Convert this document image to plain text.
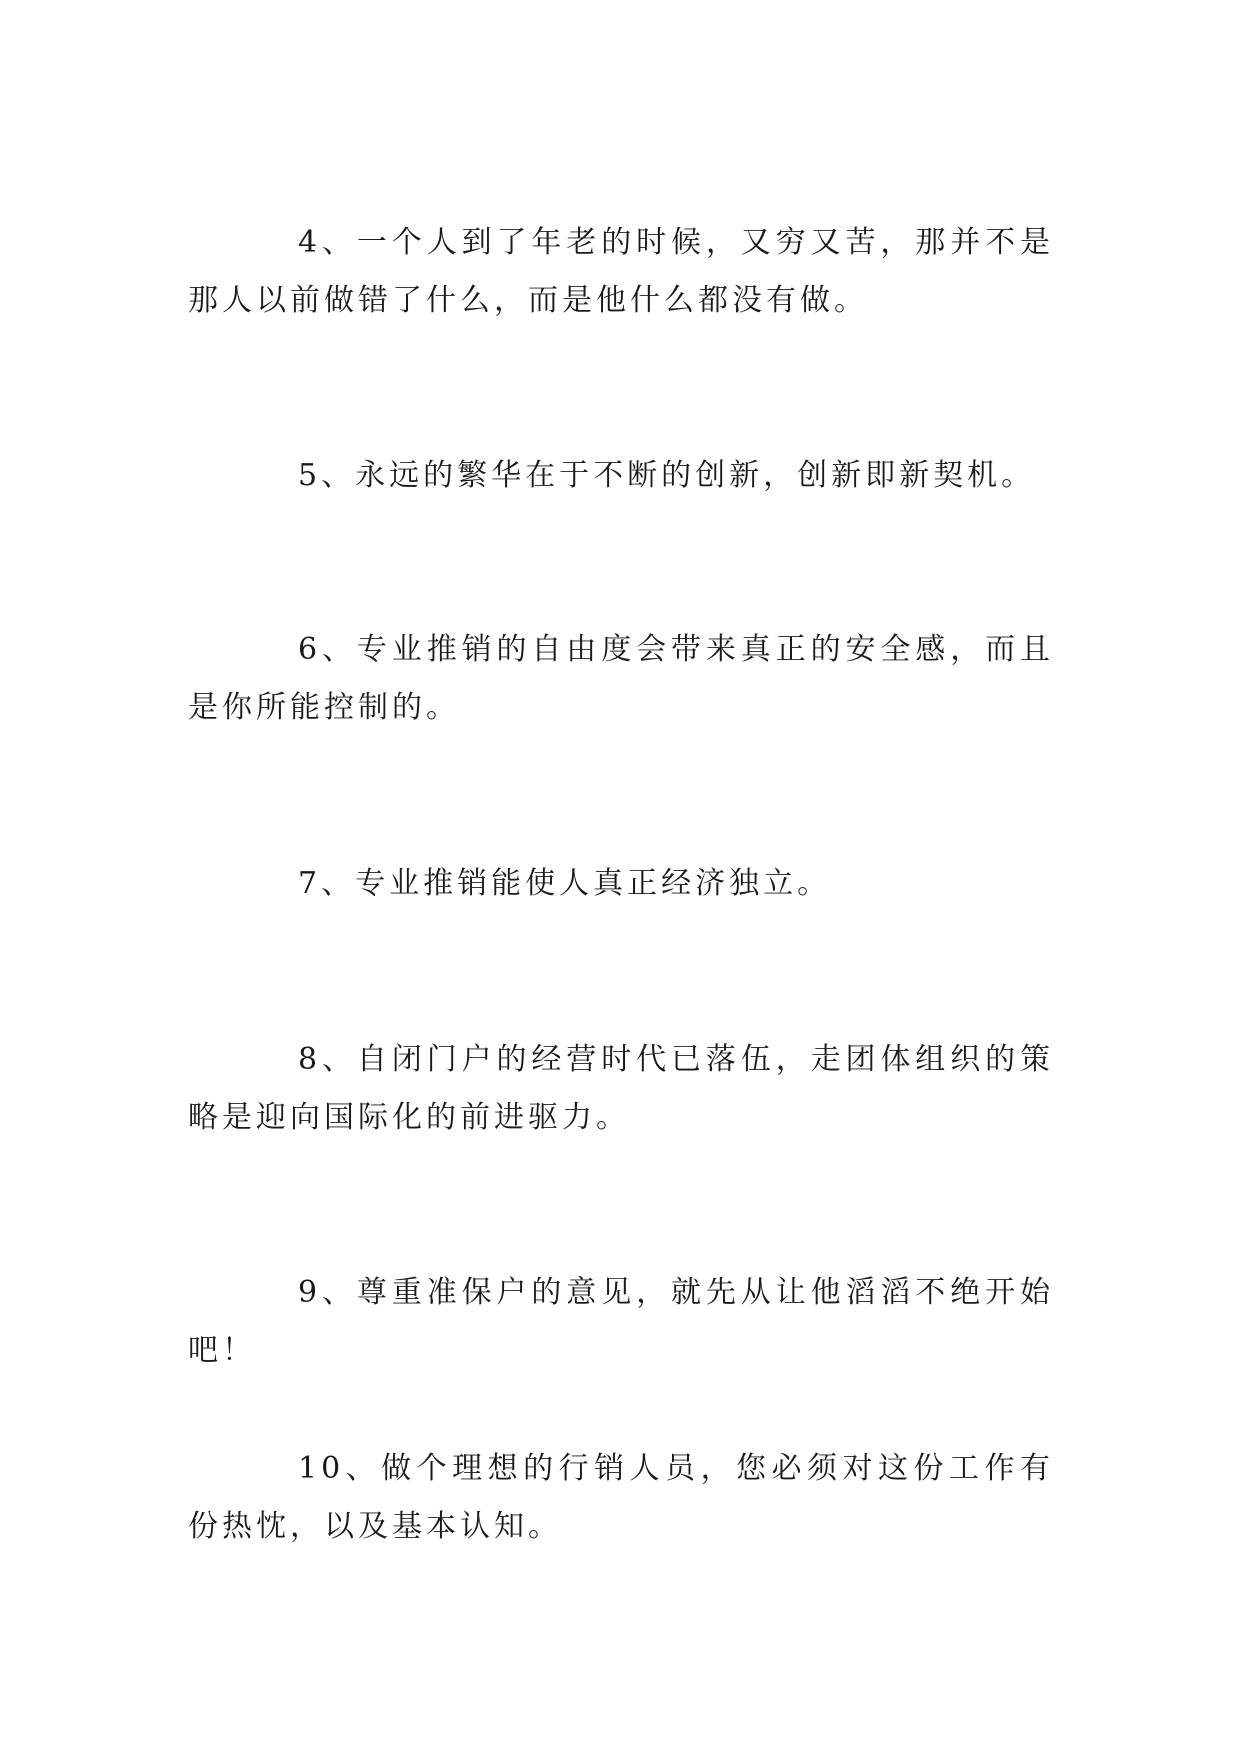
4、一个人到了年老的时候，又穷又苦，那并不是那人以前做错了什么，而是他什么都没有做。

5、永远的繁华在于不断的创新，创新即新契机。

6、专业推销的自由度会带来真正的安全感，而且是你所能控制的。

7、专业推销能使人真正经济独立。

8、自闭门户的经营时代已落伍，走团体组织的策略是迎向国际化的前进驱力。

9、尊重准保户的意见，就先从让他滔滔不绝开始吧！

10、做个理想的行销人员，您必须对这份工作有份热忱，以及基本认知。
